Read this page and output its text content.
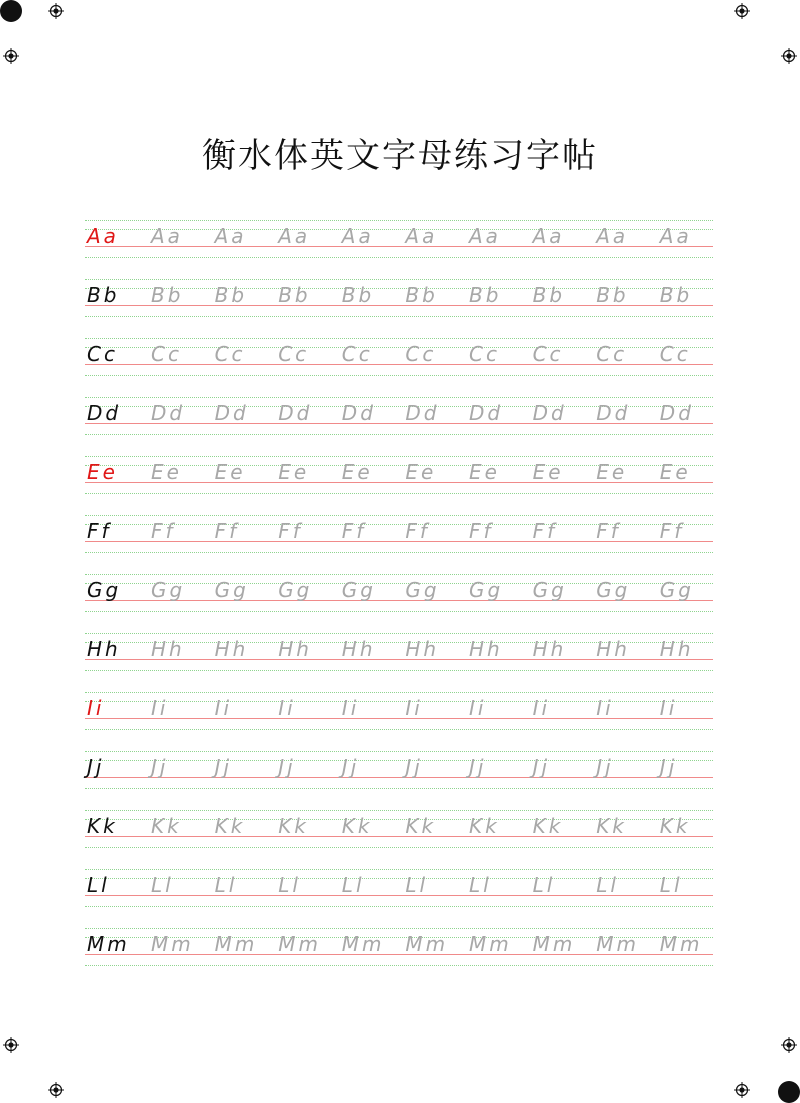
衡水体英文字母练习字帖
Aa	Aa	Aa	Aa	Aa	Aa	Aa	Aa	Aa	Aa
Bb	Bb	Bb	Bb	Bb	Bb	Bb	Bb	Bb	Bb
Cc	Cc	Cc	Cc	Cc	Cc	Cc	Cc	Cc	Cc
Dd	Dd	Dd	Dd	Dd	Dd	Dd	Dd	Dd	Dd
Ee	Ee	Ee	Ee	Ee	Ee	Ee	Ee	Ee	Ee
Ff	Ff	Ff	Ff	Ff	Ff	Ff	Ff	Ff	Ff
Gg	Gg	Gg	Gg	Gg	Gg	Gg	Gg	Gg	Gg
Hh	Hh	Hh	Hh	Hh	Hh	Hh	Hh	Hh	Hh
Ii	Ii	Ii	Ii	Ii	Ii	Ii	Ii	Ii	Ii
Jj	Jj	Jj	Jj	Jj	Jj	Jj	Jj	Jj	Jj
Kk	Kk	Kk	Kk	Kk	Kk	Kk	Kk	Kk	Kk
Ll	Ll	Ll	Ll	Ll	Ll	Ll	Ll	Ll	Ll
Mm	Mm	Mm	Mm	Mm	Mm	Mm	Mm	Mm	Mm
